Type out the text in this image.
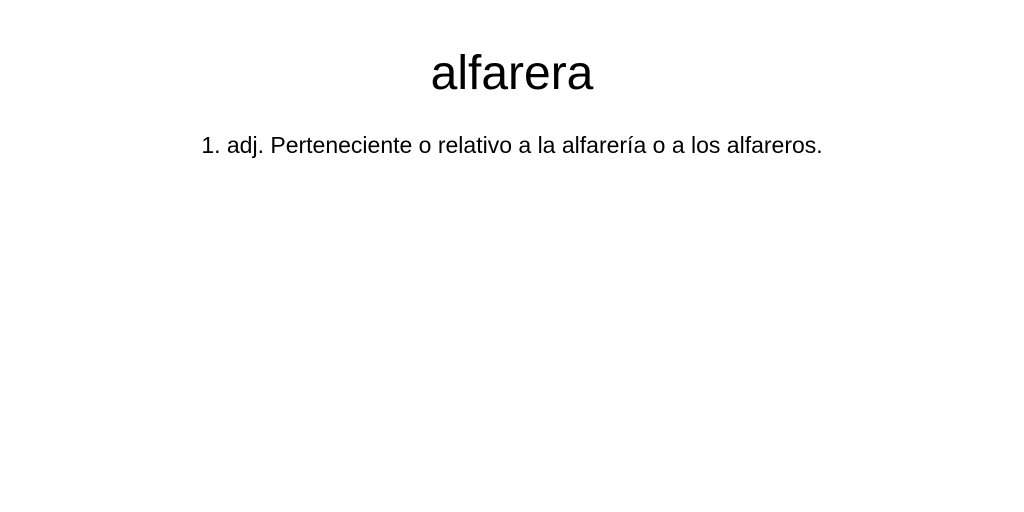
alfarera

1. adj. Perteneciente o relativo a la alfarería o a los alfareros.
